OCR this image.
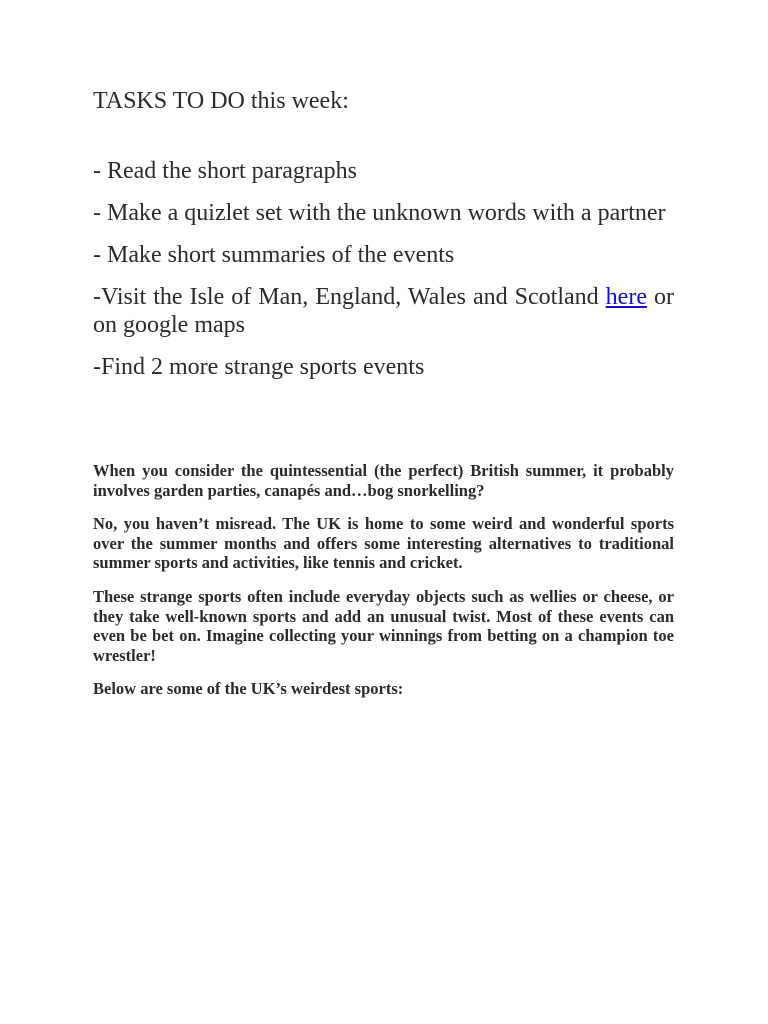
TASKS TO DO this week:
- Read the short paragraphs
- Make a quizlet set with the unknown words with a partner
- Make short summaries of the events
-Visit the Isle of Man, England, Wales and Scotland here or on google maps
-Find 2 more strange sports events

When you consider the quintessential (the perfect) British summer, it probably involves garden parties, canapés and…bog snorkelling?

No, you haven’t misread. The UK is home to some weird and wonderful sports over the summer months and offers some interesting alternatives to traditional summer sports and activities, like tennis and cricket.

These strange sports often include everyday objects such as wellies or cheese, or they take well-known sports and add an unusual twist. Most of these events can even be bet on. Imagine collecting your winnings from betting on a champion toe wrestler!

Below are some of the UK’s weirdest sports:
